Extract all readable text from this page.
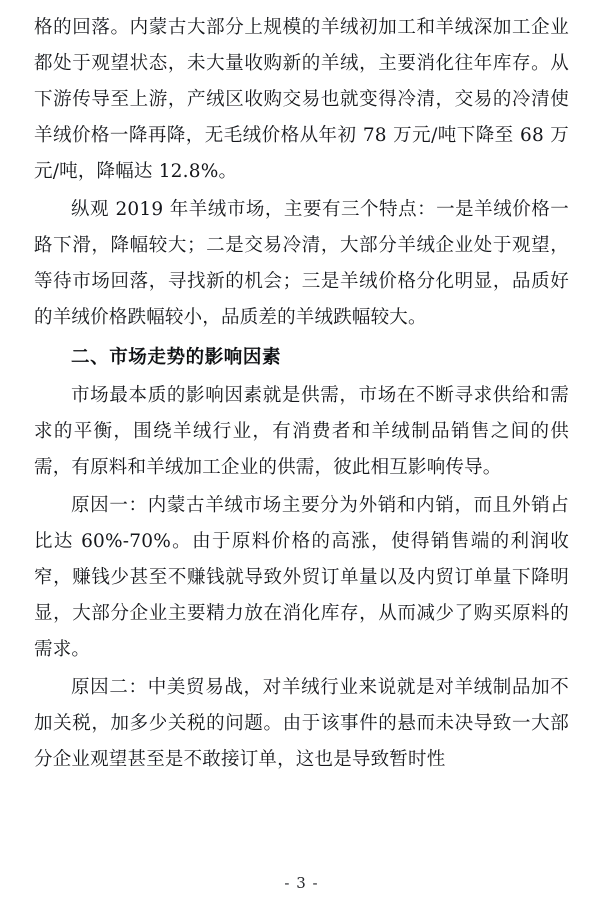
格的回落。内蒙古大部分上规模的羊绒初加工和羊绒深加工企业都处于观望状态，未大量收购新的羊绒，主要消化往年库存。从下游传导至上游，产绒区收购交易也就变得冷清，交易的冷清使羊绒价格一降再降，无毛绒价格从年初 78 万元/吨下降至 68 万元/吨，降幅达 12.8%。

纵观 2019 年羊绒市场，主要有三个特点：一是羊绒价格一路下滑，降幅较大；二是交易冷清，大部分羊绒企业处于观望，等待市场回落，寻找新的机会；三是羊绒价格分化明显，品质好的羊绒价格跌幅较小，品质差的羊绒跌幅较大。

二、市场走势的影响因素

市场最本质的影响因素就是供需，市场在不断寻求供给和需求的平衡，围绕羊绒行业，有消费者和羊绒制品销售之间的供需，有原料和羊绒加工企业的供需，彼此相互影响传导。

原因一：内蒙古羊绒市场主要分为外销和内销，而且外销占比达 60%-70%。由于原料价格的高涨，使得销售端的利润收窄，赚钱少甚至不赚钱就导致外贸订单量以及内贸订单量下降明显，大部分企业主要精力放在消化库存，从而减少了购买原料的需求。

原因二：中美贸易战，对羊绒行业来说就是对羊绒制品加不加关税，加多少关税的问题。由于该事件的悬而未决导致一大部分企业观望甚至是不敢接订单，这也是导致暂时性

- 3 -
